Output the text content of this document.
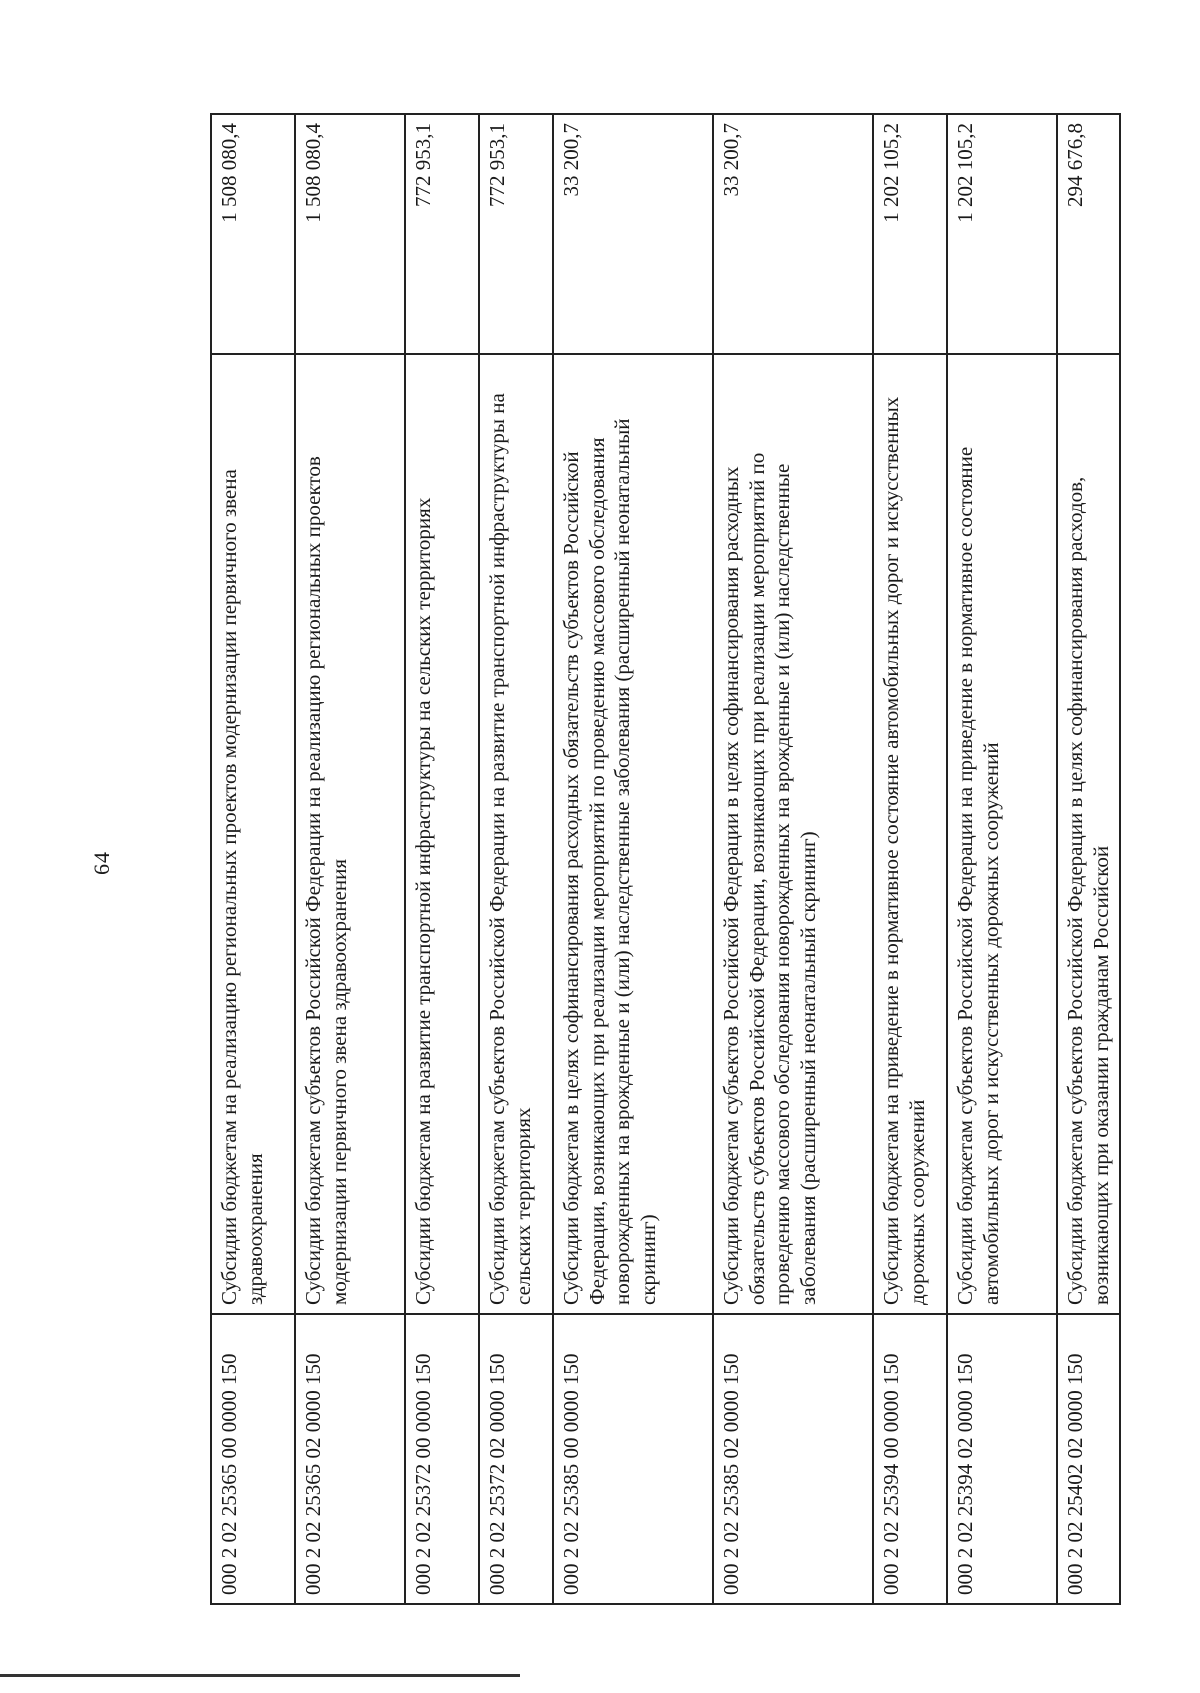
64
000 2 02 25365 00 0000 150	Субсидии бюджетам на реализацию региональных проектов модернизации первичного звена здравоохранения	1 508 080,4
000 2 02 25365 02 0000 150	Субсидии бюджетам субъектов Российской Федерации на реализацию региональных проектов модернизации первичного звена здравоохранения	1 508 080,4
000 2 02 25372 00 0000 150	Субсидии бюджетам на развитие транспортной инфраструктуры на сельских территориях	772 953,1
000 2 02 25372 02 0000 150	Субсидии бюджетам субъектов Российской Федерации на развитие транспортной инфраструктуры на сельских территориях	772 953,1
000 2 02 25385 00 0000 150	Субсидии бюджетам в целях софинансирования расходных обязательств субъектов Российской Федерации, возникающих при реализации мероприятий по проведению массового обследования новорожденных на врожденные и (или) наследственные заболевания (расширенный неонатальный скрининг)	33 200,7
000 2 02 25385 02 0000 150	Субсидии бюджетам субъектов Российской Федерации в целях софинансирования расходных обязательств субъектов Российской Федерации, возникающих при реализации мероприятий по проведению массового обследования новорожденных на врожденные и (или) наследственные заболевания (расширенный неонатальный скрининг)	33 200,7
000 2 02 25394 00 0000 150	Субсидии бюджетам на приведение в нормативное состояние автомобильных дорог и искусственных дорожных сооружений	1 202 105,2
000 2 02 25394 02 0000 150	Субсидии бюджетам субъектов Российской Федерации на приведение в нормативное состояние автомобильных дорог и искусственных дорожных сооружений	1 202 105,2
000 2 02 25402 02 0000 150	Субсидии бюджетам субъектов Российской Федерации в целях софинансирования расходов, возникающих при оказании гражданам Российской	294 676,8
